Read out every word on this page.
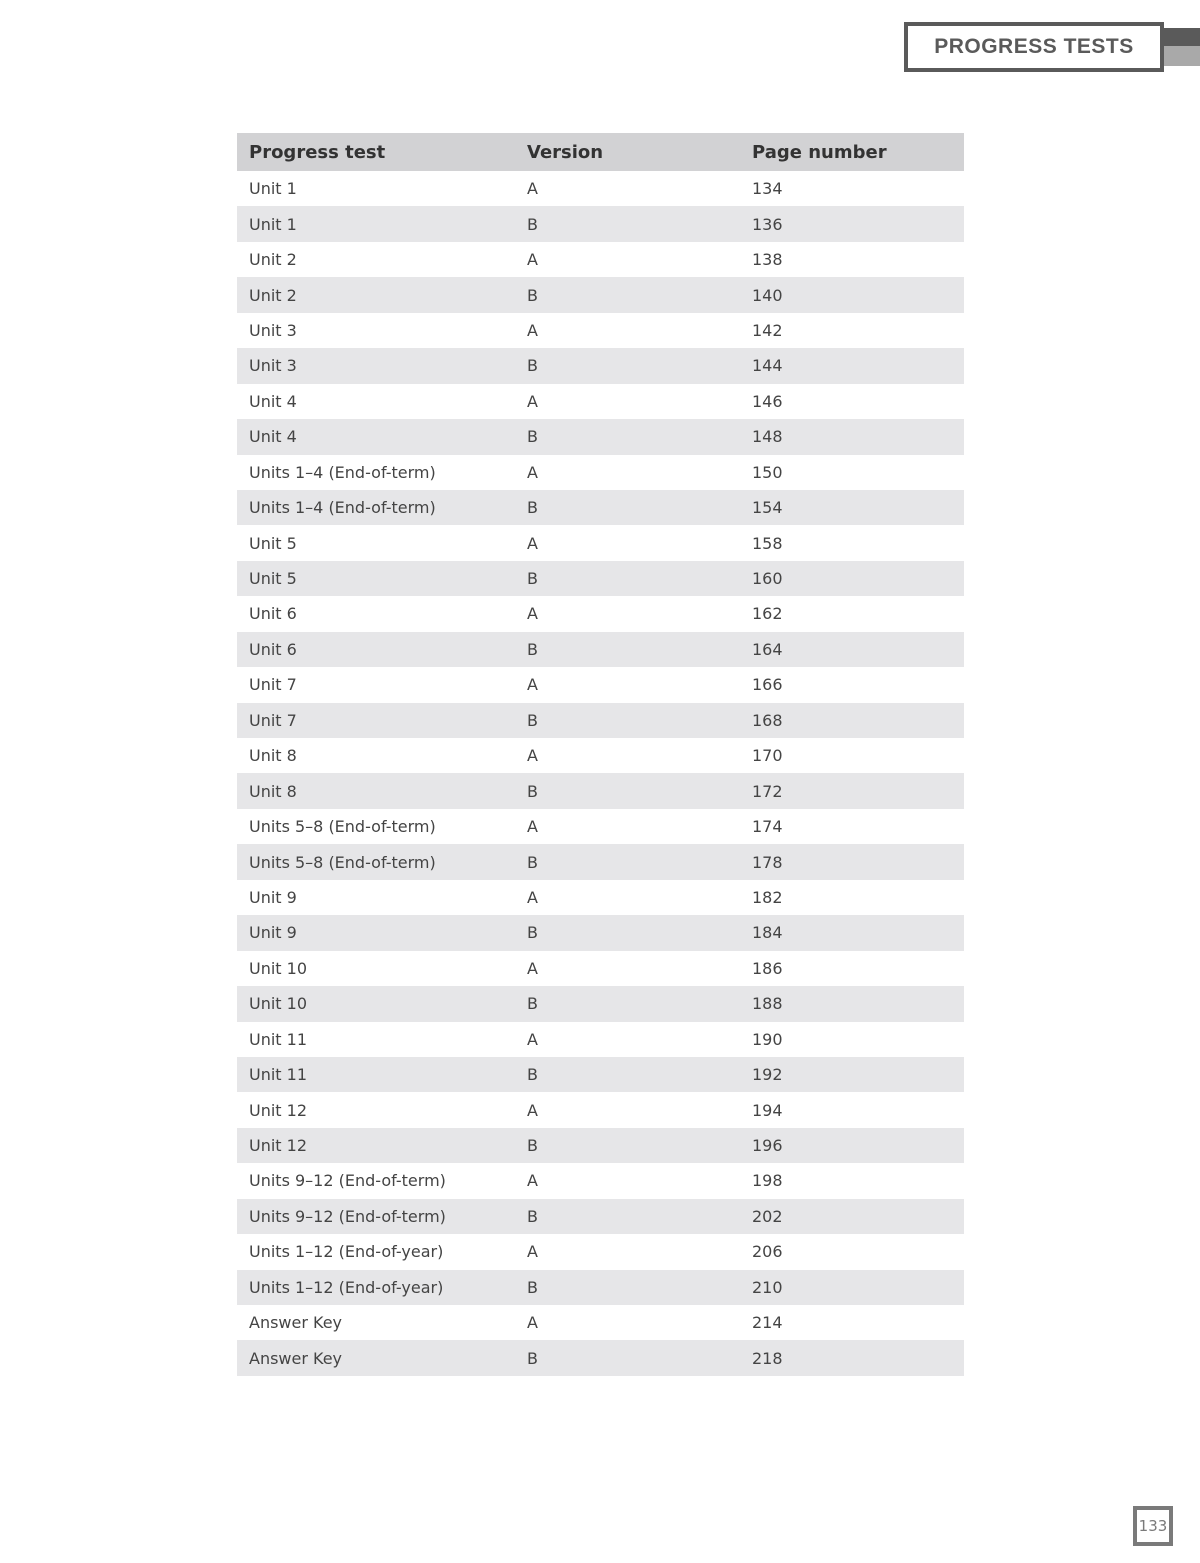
PROGRESS TESTS
Progress test	Version	Page number
Unit 1	A	134
Unit 1	B	136
Unit 2	A	138
Unit 2	B	140
Unit 3	A	142
Unit 3	B	144
Unit 4	A	146
Unit 4	B	148
Units 1–4 (End-of-term)	A	150
Units 1–4 (End-of-term)	B	154
Unit 5	A	158
Unit 5	B	160
Unit 6	A	162
Unit 6	B	164
Unit 7	A	166
Unit 7	B	168
Unit 8	A	170
Unit 8	B	172
Units 5–8 (End-of-term)	A	174
Units 5–8 (End-of-term)	B	178
Unit 9	A	182
Unit 9	B	184
Unit 10	A	186
Unit 10	B	188
Unit 11	A	190
Unit 11	B	192
Unit 12	A	194
Unit 12	B	196
Units 9–12 (End-of-term)	A	198
Units 9–12 (End-of-term)	B	202
Units 1–12 (End-of-year)	A	206
Units 1–12 (End-of-year)	B	210
Answer Key	A	214
Answer Key	B	218
133
